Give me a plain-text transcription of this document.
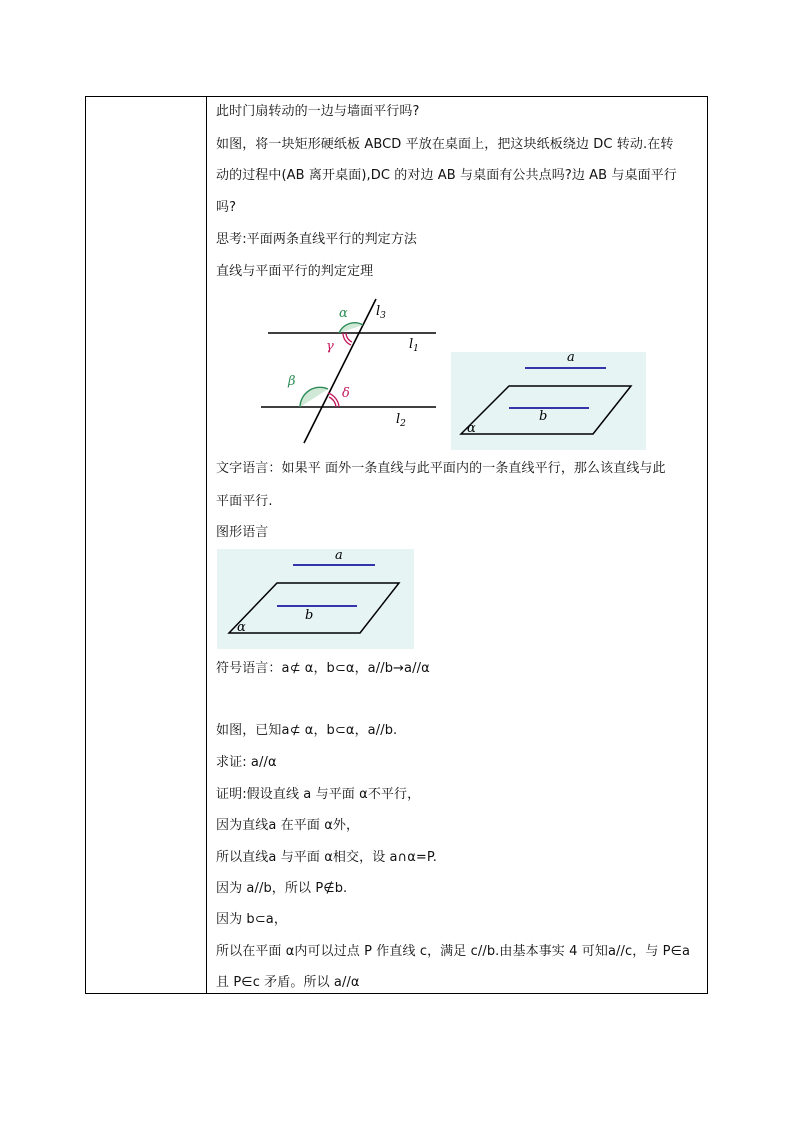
此时门扇转动的一边与墙面平行吗?
如图，将一块矩形硬纸板 ABCD 平放在桌面上，把这块纸板绕边 DC 转动.在转
动的过程中(AB 离开桌面),DC 的对边 AB 与桌面有公共点吗?边 AB 与桌面平行
吗?
思考:平面两条直线平行的判定方法
直线与平面平行的判定定理
α $l_3$
γ	$l_1$
β
δ
$l_2$
a
b
α
文字语言：如果平 面外一条直线与此平面内的一条直线平行，那么该直线与此
平面平行.
图形语言
a
b
α
符号语言：a⊄ α，b⊂α，a//b→a//α
如图，已知a⊄ α，b⊂α，a//b.
求证: a//α
证明:假设直线 a 与平面 α不平行，
因为直线a 在平面 α外，
所以直线a 与平面 α相交，设 a∩α=P.
因为 a//b，所以 P∉b.
因为 b⊂a，
所以在平面 α内可以过点 P 作直线 c，满足 c//b.由基本事实 4 可知a//c，与 P∈a
且 P∈c 矛盾。所以 a//α
